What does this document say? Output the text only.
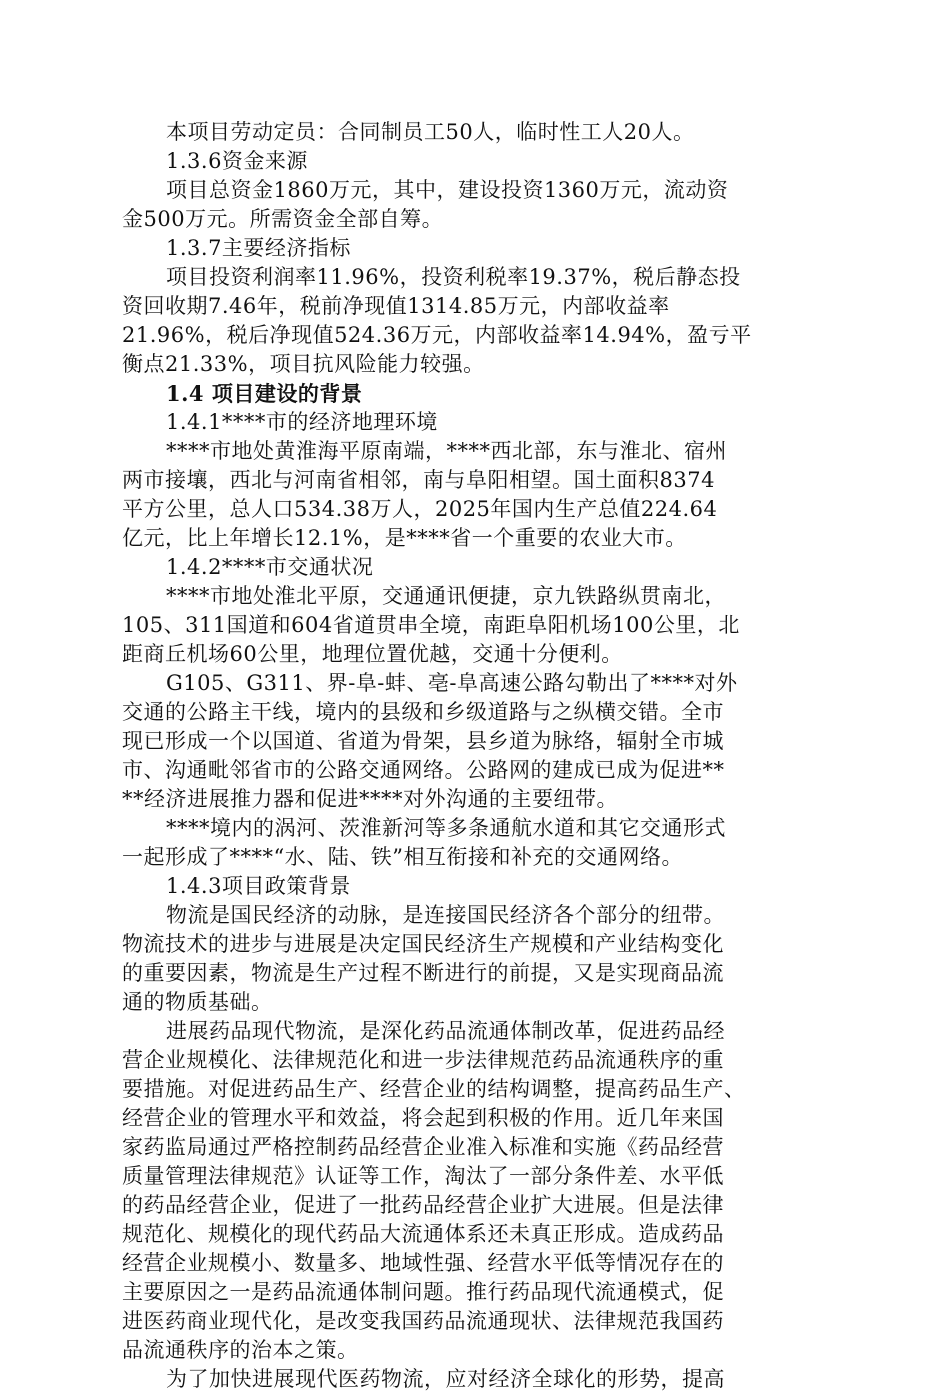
本项目劳动定员：合同制员工50人，临时性工人20人。
1.3.6资金来源
项目总资金1860万元，其中，建设投资1360万元，流动资
金500万元。所需资金全部自筹。
1.3.7主要经济指标
项目投资利润率11.96%，投资利税率19.37%，税后静态投
资回收期7.46年，税前净现值1314.85万元，内部收益率
21.96%，税后净现值524.36万元，内部收益率14.94%，盈亏平
衡点21.33%，项目抗风险能力较强。
1.4 项目建设的背景
1.4.1****市的经济地理环境
****市地处黄淮海平原南端，****西北部，东与淮北、宿州
两市接壤，西北与河南省相邻，南与阜阳相望。国土面积8374
平方公里，总人口534.38万人，2025年国内生产总值224.64
亿元，比上年增长12.1%，是****省一个重要的农业大市。
1.4.2****市交通状况
****市地处淮北平原，交通通讯便捷，京九铁路纵贯南北，
105、311国道和604省道贯串全境，南距阜阳机场100公里，北
距商丘机场60公里，地理位置优越，交通十分便利。
G105、G311、界-阜-蚌、亳-阜高速公路勾勒出了****对外
交通的公路主干线，境内的县级和乡级道路与之纵横交错。全市
现已形成一个以国道、省道为骨架，县乡道为脉络，辐射全市城
市、沟通毗邻省市的公路交通网络。公路网的建成已成为促进**
**经济进展推力器和促进****对外沟通的主要纽带。
****境内的涡河、茨淮新河等多条通航水道和其它交通形式
一起形成了****“水、陆、铁”相互衔接和补充的交通网络。
1.4.3项目政策背景
物流是国民经济的动脉，是连接国民经济各个部分的纽带。
物流技术的进步与进展是决定国民经济生产规模和产业结构变化
的重要因素，物流是生产过程不断进行的前提，又是实现商品流
通的物质基础。
进展药品现代物流，是深化药品流通体制改革，促进药品经
营企业规模化、法律规范化和进一步法律规范药品流通秩序的重
要措施。对促进药品生产、经营企业的结构调整，提高药品生产、
经营企业的管理水平和效益，将会起到积极的作用。近几年来国
家药监局通过严格控制药品经营企业准入标准和实施《药品经营
质量管理法律规范》认证等工作，淘汰了一部分条件差、水平低
的药品经营企业，促进了一批药品经营企业扩大进展。但是法律
规范化、规模化的现代药品大流通体系还未真正形成。造成药品
经营企业规模小、数量多、地域性强、经营水平低等情况存在的
主要原因之一是药品流通体制问题。推行药品现代流通模式，促
进医药商业现代化，是改变我国药品流通现状、法律规范我国药
品流通秩序的治本之策。
为了加快进展现代医药物流，应对经济全球化的形势，提高
